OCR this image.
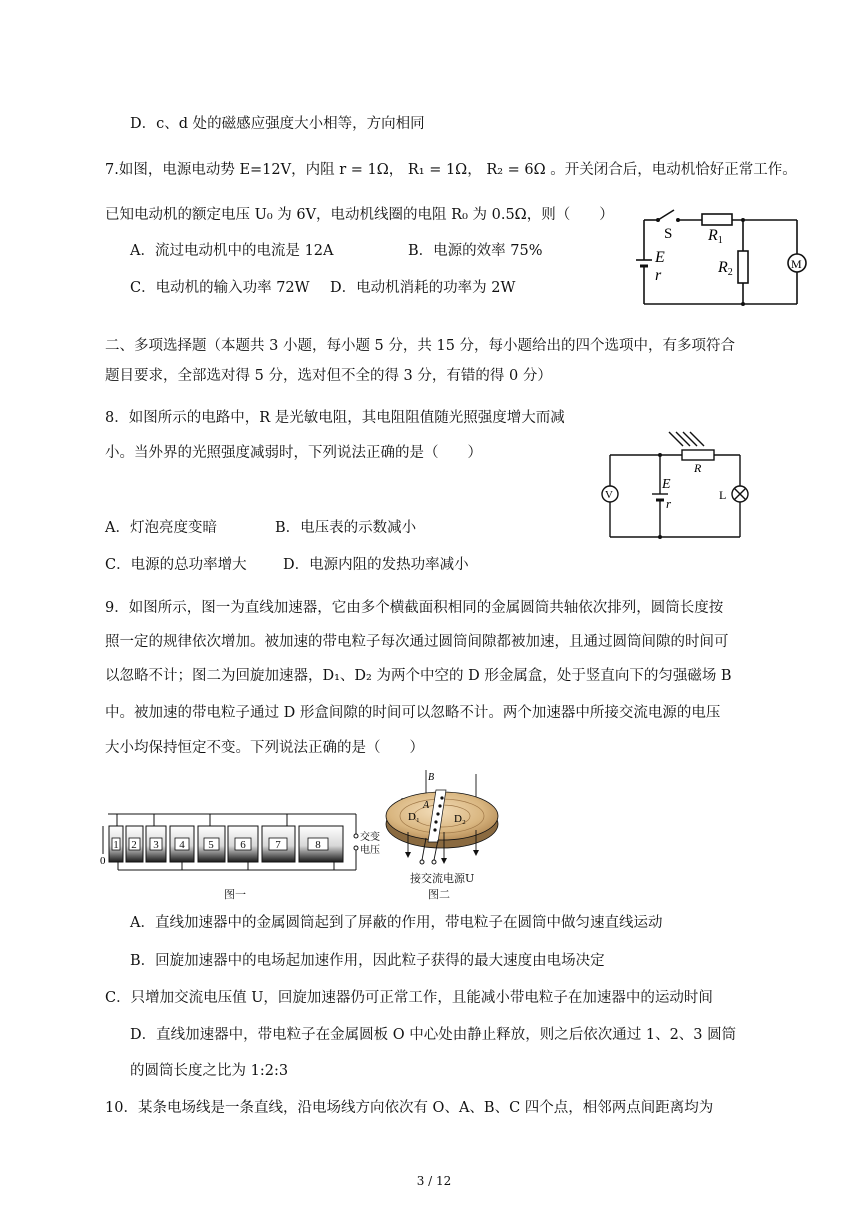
D．c、d 处的磁感应强度大小相等，方向相同
7.如图，电源电动势 E=12V，内阻 r = 1Ω， R₁ = 1Ω， R₂ = 6Ω 。开关闭合后，电动机恰好正常工作。
已知电动机的额定电压 U₀ 为 6V，电动机线圈的电阻 R₀ 为 0.5Ω，则（　　）
A．流过电动机中的电流是 12A	B．电源的效率 75%
C．电动机的输入功率 72W D．电动机消耗的功率为 2W
S R1
R2
E
r
M
二、多项选择题（本题共 3 小题，每小题 5 分，共 15 分，每小题给出的四个选项中，有多项符合
题目要求，全部选对得 5 分，选对但不全的得 3 分，有错的得 0 分）
8．如图所示的电路中，R 是光敏电阻，其电阻阻值随光照强度增大而减
小。当外界的光照强度减弱时，下列说法正确的是（　　）
A．灯泡亮度变暗	B．电压表的示数减小
C．电源的总功率增大	D．电源内阻的发热功率减小
R
E
r
V	L
9．如图所示，图一为直线加速器，它由多个横截面积相同的金属圆筒共轴依次排列，圆筒长度按
照一定的规律依次增加。被加速的带电粒子每次通过圆筒间隙都被加速，且通过圆筒间隙的时间可
以忽略不计；图二为回旋加速器，D₁、D₂ 为两个中空的 D 形金属盒，处于竖直向下的匀强磁场 B
中。被加速的带电粒子通过 D 形盒间隙的时间可以忽略不计。两个加速器中所接交流电源的电压
大小均保持恒定不变。下列说法正确的是（　　）
1 2 3 4 5 6	7	8
0
交变
电压
图一
B
A
D₁	D₂
接交流电源U
图二
A．直线加速器中的金属圆筒起到了屏蔽的作用，带电粒子在圆筒中做匀速直线运动
B．回旋加速器中的电场起加速作用，因此粒子获得的最大速度由电场决定
C．只增加交流电压值 U，回旋加速器仍可正常工作，且能减小带电粒子在加速器中的运动时间
D．直线加速器中，带电粒子在金属圆板 O 中心处由静止释放，则之后依次通过 1、2、3 圆筒
的圆筒长度之比为 1:2:3
10．某条电场线是一条直线，沿电场线方向依次有 O、A、B、C 四个点，相邻两点间距离均为
3 / 12
